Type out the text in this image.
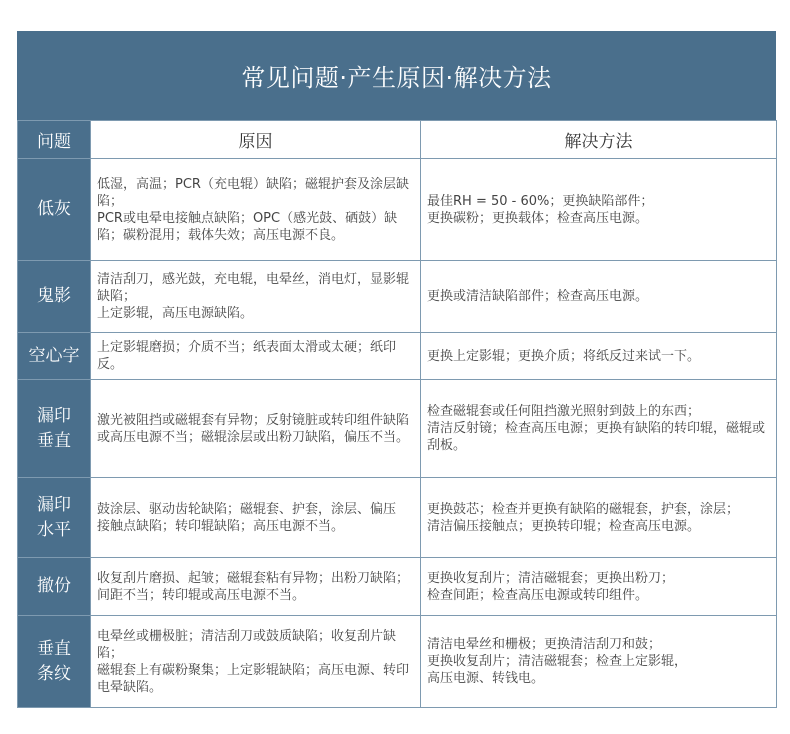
常见问题·产生原因·解决方法
问题	原因	解决方法

低灰	低湿，高温；PCR（充电辊）缺陷；磁辊护套及涂层缺陷；
PCR或电晕电接触点缺陷；OPC（感光鼓、硒鼓）缺陷；碳粉混用；载体失效；高压电源不良。	最佳RH = 50 - 60%；更换缺陷部件；
更换碳粉；更换载体；检查高压电源。

鬼影	清洁刮刀，感光鼓，充电辊，电晕丝，消电灯，显影辊缺陷；
上定影辊，高压电源缺陷。	更换或清洁缺陷部件；检查高压电源。

空心字	上定影辊磨损；介质不当；纸表面太滑或太硬；纸印反。	更换上定影辊；更换介质；将纸反过来试一下。

漏印
垂直	激光被阻挡或磁辊套有异物；反射镜脏或转印组件缺陷
或高压电源不当；磁辊涂层或出粉刀缺陷，偏压不当。	检查磁辊套或任何阻挡激光照射到鼓上的东西；
清洁反射镜；检查高压电源；更换有缺陷的转印辊，磁辊或刮板。

漏印
水平	鼓涂层、驱动齿轮缺陷；磁辊套、护套，涂层、偏压
接触点缺陷；转印辊缺陷；高压电源不当。	更换鼓芯；检查并更换有缺陷的磁辊套，护套，涂层；
清洁偏压接触点；更换转印辊；检查高压电源。

撤份	收复刮片磨损、起皱；磁辊套粘有异物；出粉刀缺陷；
间距不当；转印辊或高压电源不当。	更换收复刮片；清洁磁辊套；更换出粉刀；
检查间距；检查高压电源或转印组件。

垂直
条纹	电晕丝或栅极脏；清洁刮刀或鼓质缺陷；收复刮片缺陷；
磁辊套上有碳粉聚集；上定影辊缺陷；高压电源、转印电晕缺陷。	清洁电晕丝和栅极；更换清洁刮刀和鼓；
更换收复刮片；清洁磁辊套；检查上定影辊，
高压电源、转钱电。
